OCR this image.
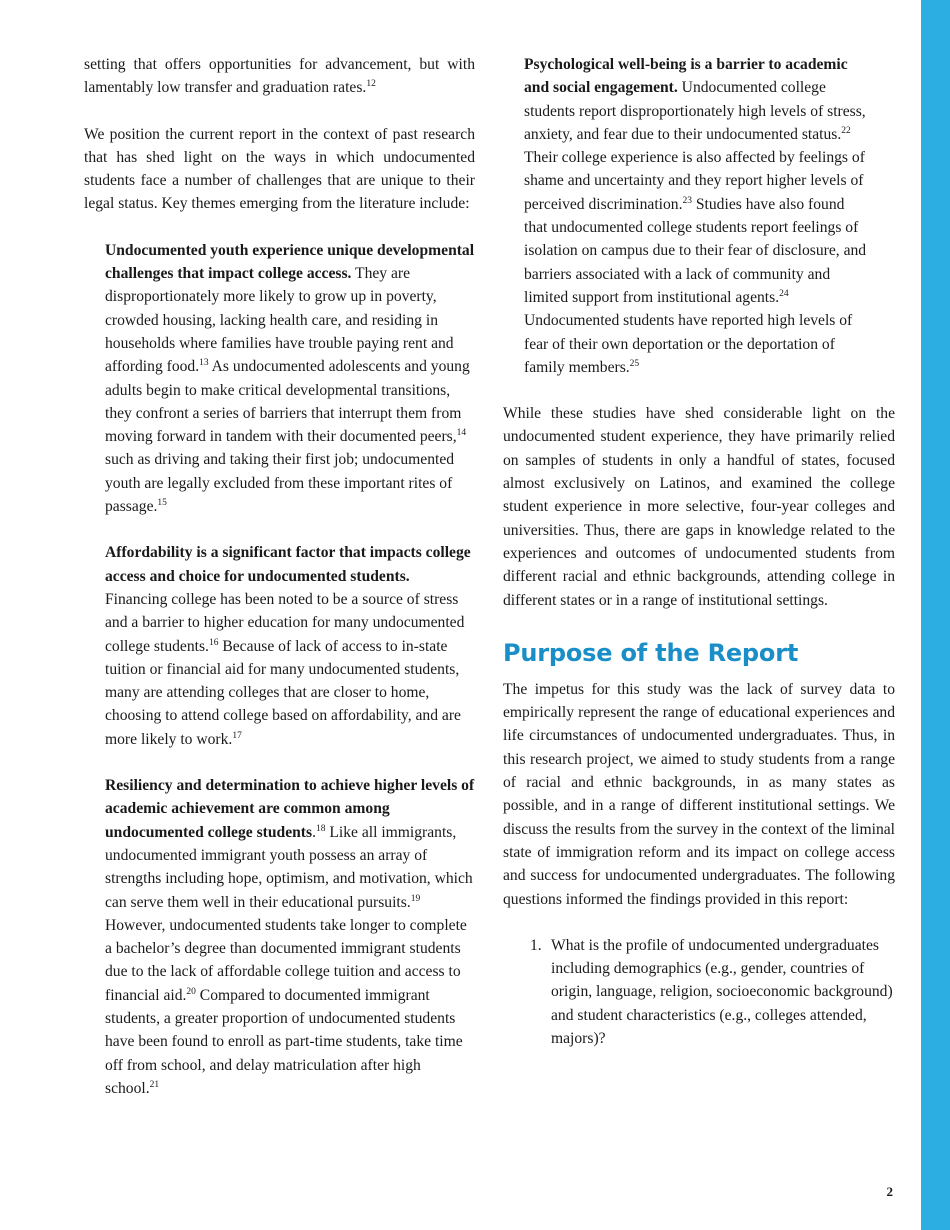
setting that offers opportunities for advancement, but with lamentably low transfer and graduation rates.$^{12}$

We position the current report in the context of past research that has shed light on the ways in which undocumented students face a number of challenges that are unique to their legal status. Key themes emerging from the literature include:

Undocumented youth experience unique developmental challenges that impact college access. They are disproportionately more likely to grow up in poverty, crowded housing, lacking health care, and residing in households where families have trouble paying rent and affording food.$^{13}$ As undocumented adolescents and young adults begin to make critical developmental transitions, they confront a series of barriers that interrupt them from moving forward in tandem with their documented peers,$^{14}$ such as driving and taking their first job; undocumented youth are legally excluded from these important rites of passage.$^{15}$

Affordability is a significant factor that impacts college access and choice for undocumented students. Financing college has been noted to be a source of stress and a barrier to higher education for many undocumented college students.$^{16}$ Because of lack of access to in-state tuition or financial aid for many undocumented students, many are attending colleges that are closer to home, choosing to attend college based on affordability, and are more likely to work.$^{17}$

Resiliency and determination to achieve higher levels of academic achievement are common among undocumented college students.$^{18}$ Like all immigrants, undocumented immigrant youth possess an array of strengths including hope, optimism, and motivation, which can serve them well in their educational pursuits.$^{19}$ However, undocumented students take longer to complete a bachelor’s degree than documented immigrant students due to the lack of affordable college tuition and access to financial aid.$^{20}$ Compared to documented immigrant students, a greater proportion of undocumented students have been found to enroll as part-time students, take time off from school, and delay matriculation after high school.$^{21}$

Psychological well-being is a barrier to academic and social engagement. Undocumented college students report disproportionately high levels of stress, anxiety, and fear due to their undocumented status.$^{22}$ Their college experience is also affected by feelings of shame and uncertainty and they report higher levels of perceived discrimination.$^{23}$ Studies have also found that undocumented college students report feelings of isolation on campus due to their fear of disclosure, and barriers associated with a lack of community and limited support from institutional agents.$^{24}$ Undocumented students have reported high levels of fear of their own deportation or the deportation of family members.$^{25}$

While these studies have shed considerable light on the undocumented student experience, they have primarily relied on samples of students in only a handful of states, focused almost exclusively on Latinos, and examined the college student experience in more selective, four-year colleges and universities. Thus, there are gaps in knowledge related to the experiences and outcomes of undocumented students from different racial and ethnic backgrounds, attending college in different states or in a range of institutional settings.

Purpose of the Report

The impetus for this study was the lack of survey data to empirically represent the range of educational experiences and life circumstances of undocumented undergraduates. Thus, in this research project, we aimed to study students from a range of racial and ethnic backgrounds, in as many states as possible, and in a range of different institutional settings. We discuss the results from the survey in the context of the liminal state of immigration reform and its impact on college access and success for undocumented undergraduates. The following questions informed the findings provided in this report:

1. What is the profile of undocumented undergraduates including demographics (e.g., gender, countries of origin, language, religion, socioeconomic background) and student characteristics (e.g., colleges attended, majors)?
2
